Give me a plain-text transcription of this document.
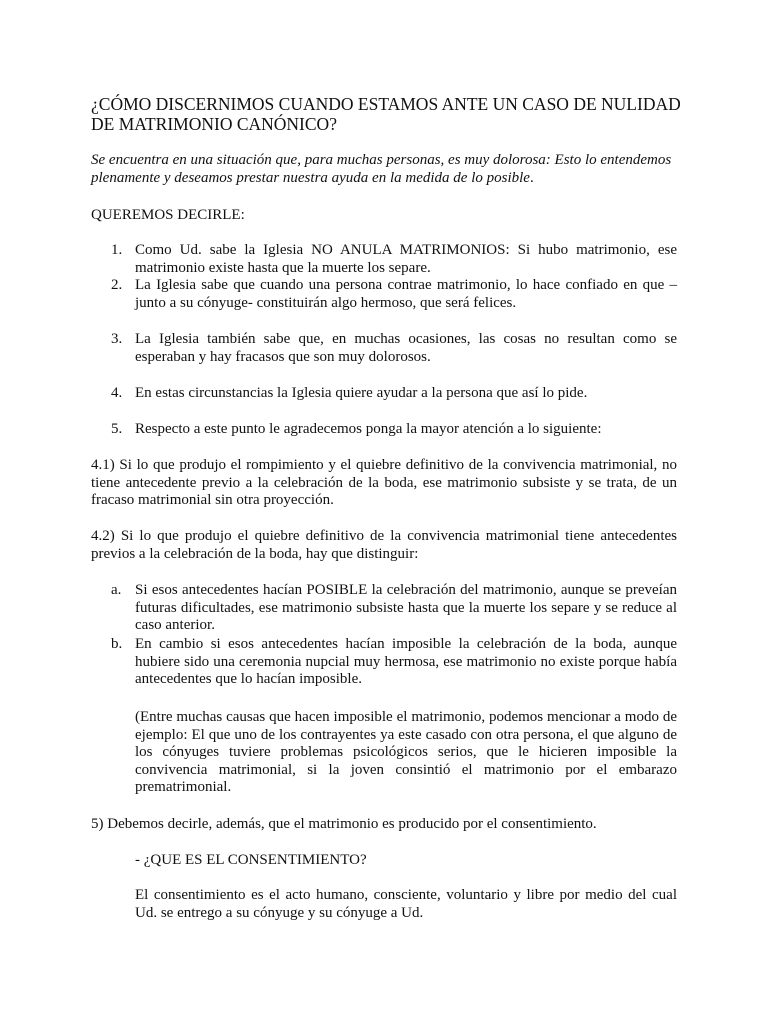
¿CÓMO DISCERNIMOS CUANDO ESTAMOS ANTE UN CASO DE NULIDAD DE MATRIMONIO CANÓNICO?

Se encuentra en una situación que, para muchas personas, es muy dolorosa: Esto lo entendemos plenamente y deseamos prestar nuestra ayuda en la medida de lo posible.

QUEREMOS DECIRLE:

1. Como Ud. sabe la Iglesia NO ANULA MATRIMONIOS: Si hubo matrimonio, ese matrimonio existe hasta que la muerte los separe.
2. La Iglesia sabe que cuando una persona contrae matrimonio, lo hace confiado en que –junto a su cónyuge- constituirán algo hermoso, que será felices.
3. La Iglesia también sabe que, en muchas ocasiones, las cosas no resultan como se esperaban y hay fracasos que son muy dolorosos.
4. En estas circunstancias la Iglesia quiere ayudar a la persona que así lo pide.
5. Respecto a este punto le agradecemos ponga la mayor atención a lo siguiente:

4.1) Si lo que produjo el rompimiento y el quiebre definitivo de la convivencia matrimonial, no tiene antecedente previo a la celebración de la boda, ese matrimonio subsiste y se trata, de un fracaso matrimonial sin otra proyección.

4.2) Si lo que produjo el quiebre definitivo de la convivencia matrimonial tiene antecedentes previos a la celebración de la boda, hay que distinguir:

a. Si esos antecedentes hacían POSIBLE la celebración del matrimonio, aunque se preveían futuras dificultades, ese matrimonio subsiste hasta que la muerte los separe y se reduce al caso anterior.
b. En cambio si esos antecedentes hacían imposible la celebración de la boda, aunque hubiere sido una ceremonia nupcial muy hermosa, ese matrimonio no existe porque había antecedentes que lo hacían imposible.

(Entre muchas causas que hacen imposible el matrimonio, podemos mencionar a modo de ejemplo: El que uno de los contrayentes ya este casado con otra persona, el que alguno de los cónyuges tuviere problemas psicológicos serios, que le hicieren imposible la convivencia matrimonial, si la joven consintió el matrimonio por el embarazo prematrimonial.

5) Debemos decirle, además, que el matrimonio es producido por el consentimiento.

- ¿QUE ES EL CONSENTIMIENTO?

El consentimiento es el acto humano, consciente, voluntario y libre por medio del cual Ud. se entrego a su cónyuge y su cónyuge a Ud.
